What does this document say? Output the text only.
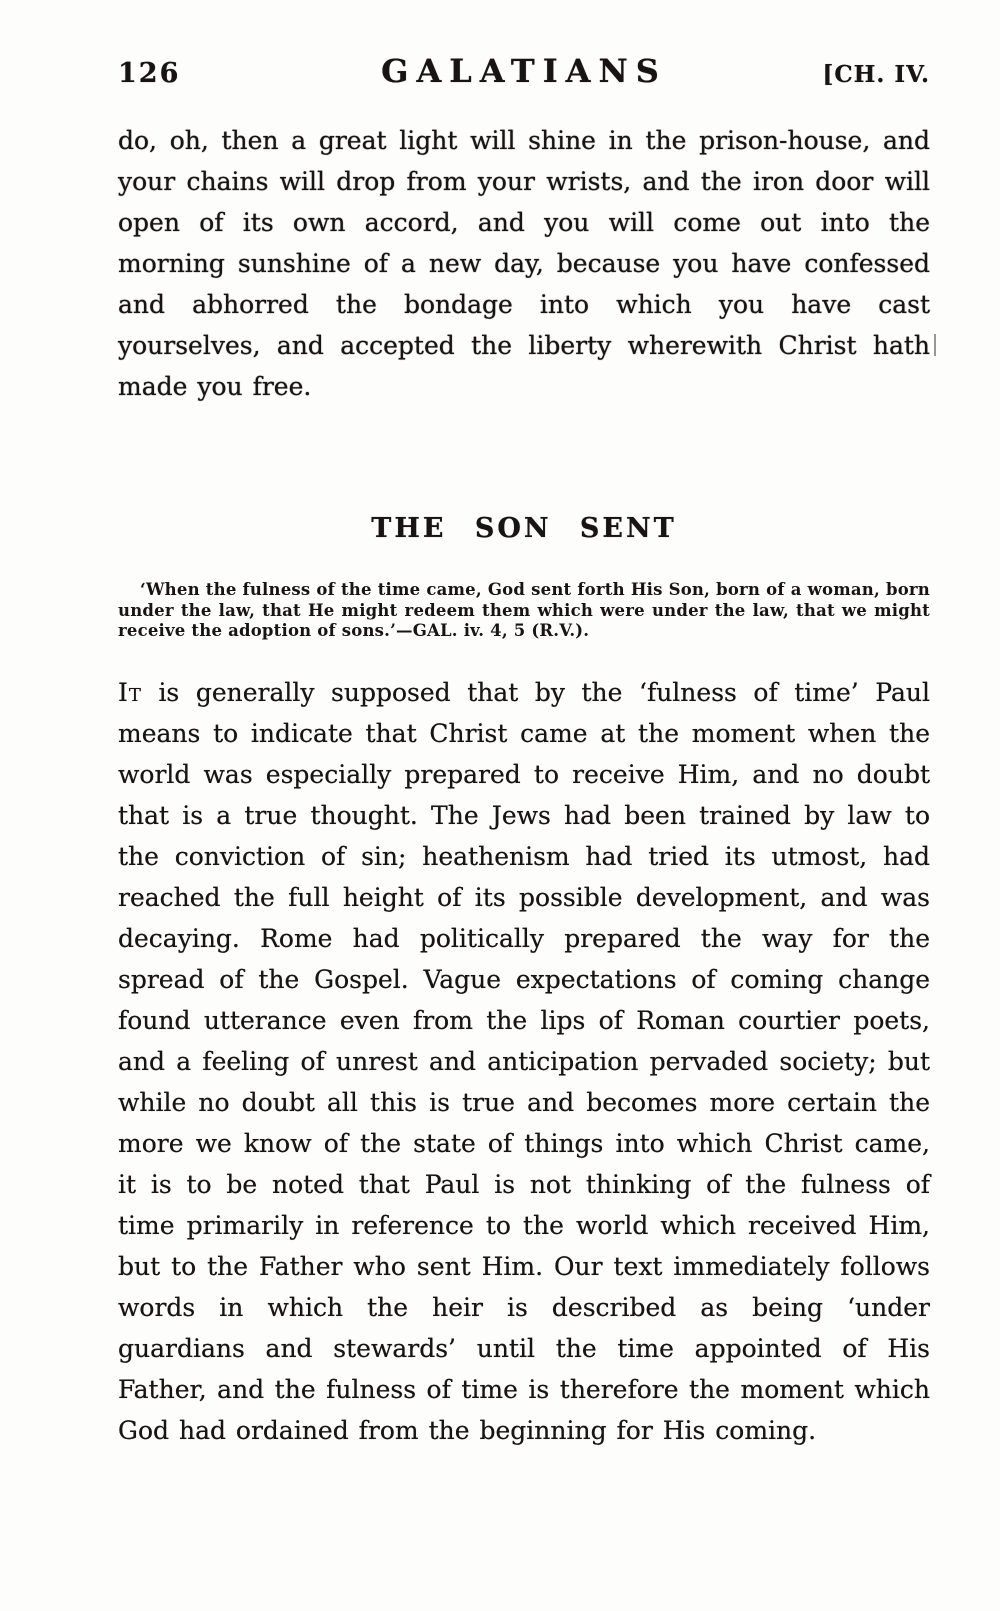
126	GALATIANS	[CH. IV.

do, oh, then a great light will shine in the prison-house, and your chains will drop from your wrists, and the iron door will open of its own accord, and you will come out into the morning sunshine of a new day, because you have confessed and abhorred the bondage into which you have cast yourselves, and accepted the liberty wherewith Christ hath made you free.

THE SON SENT

‘When the fulness of the time came, God sent forth His Son, born of a woman, born under the law, that He might redeem them which were under the law, that we might receive the adoption of sons.’—GAL. iv. 4, 5 (R.V.).

It is generally supposed that by the ‘fulness of time’ Paul means to indicate that Christ came at the moment when the world was especially prepared to receive Him, and no doubt that is a true thought. The Jews had been trained by law to the conviction of sin; heathenism had tried its utmost, had reached the full height of its possible development, and was decaying. Rome had politically prepared the way for the spread of the Gospel. Vague expectations of coming change found utterance even from the lips of Roman courtier poets, and a feeling of unrest and anticipation pervaded society; but while no doubt all this is true and becomes more certain the more we know of the state of things into which Christ came, it is to be noted that Paul is not thinking of the fulness of time primarily in reference to the world which received Him, but to the Father who sent Him. Our text immediately follows words in which the heir is described as being ‘under guardians and stewards’ until the time appointed of His Father, and the fulness of time is therefore the moment which God had ordained from the beginning for His coming.
